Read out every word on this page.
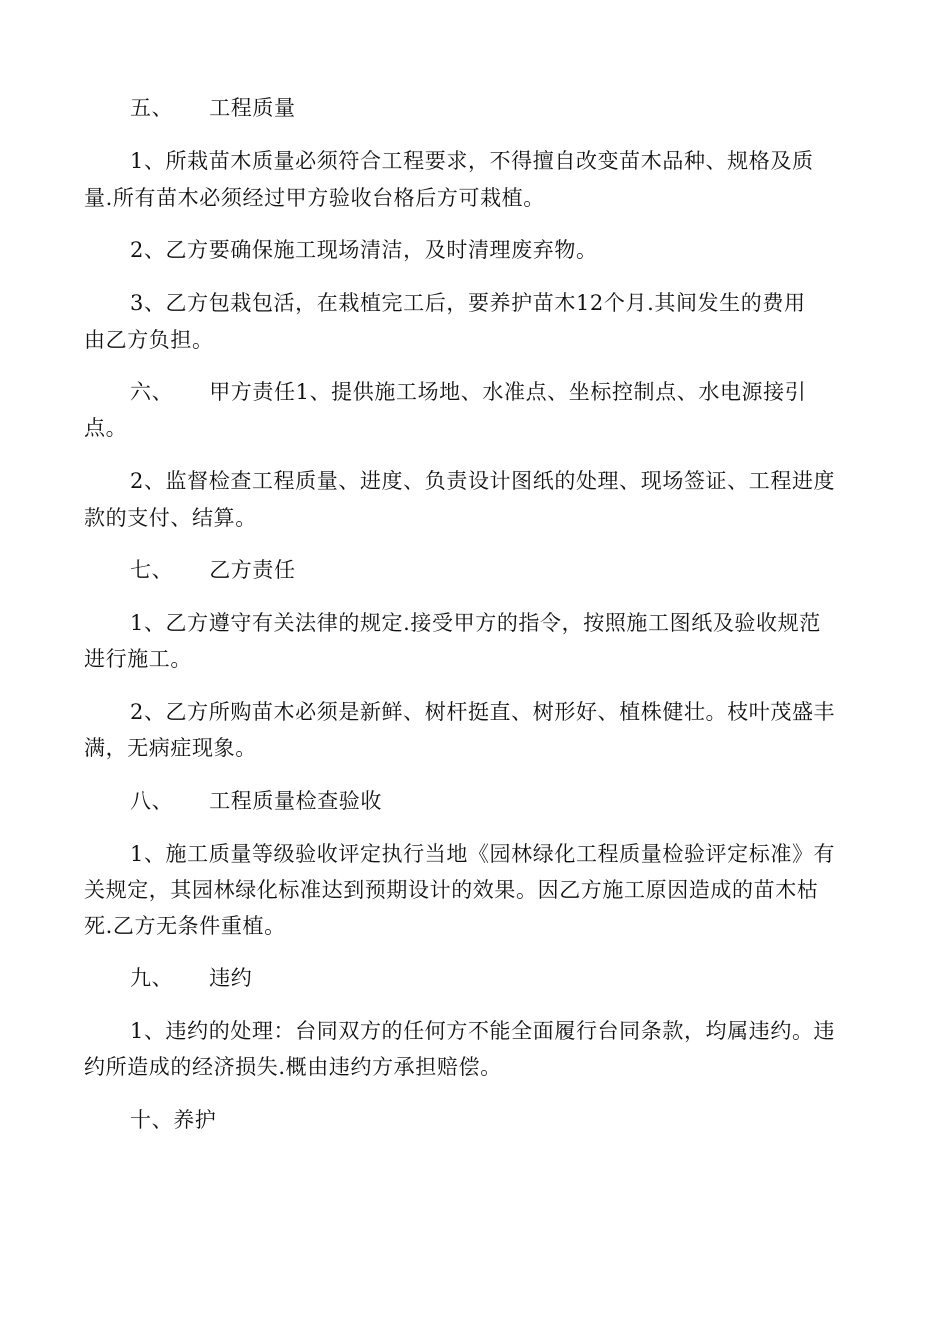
五、 工程质量
1、所栽苗木质量必须符合工程要求，不得擅自改变苗木品种、规格及质
量.所有苗木必须经过甲方验收台格后方可栽植。
2、乙方要确保施工现场清洁，及时清理废弃物。
3、乙方包栽包活，在栽植完工后，要养护苗木12个月.其间发生的费用
由乙方负担。
六、 甲方责任1、提供施工场地、水准点、坐标控制点、水电源接引
点。
2、监督检查工程质量、进度、负责设计图纸的处理、现场签证、工程进度
款的支付、结算。
七、 乙方责任
1、乙方遵守有关法律的规定.接受甲方的指令，按照施工图纸及验收规范
进行施工。
2、乙方所购苗木必须是新鲜、树杆挺直、树形好、植株健壮。枝叶茂盛丰
满，无病症现象。
八、 工程质量检查验收
1、施工质量等级验收评定执行当地《园林绿化工程质量检验评定标准》有
关规定，其园林绿化标准达到预期设计的效果。因乙方施工原因造成的苗木枯
死.乙方无条件重植。
九、 违约
1、违约的处理：台同双方的任何方不能全面履行台同条款，均属违约。违
约所造成的经济损失.概由违约方承担赔偿。
十、养护
